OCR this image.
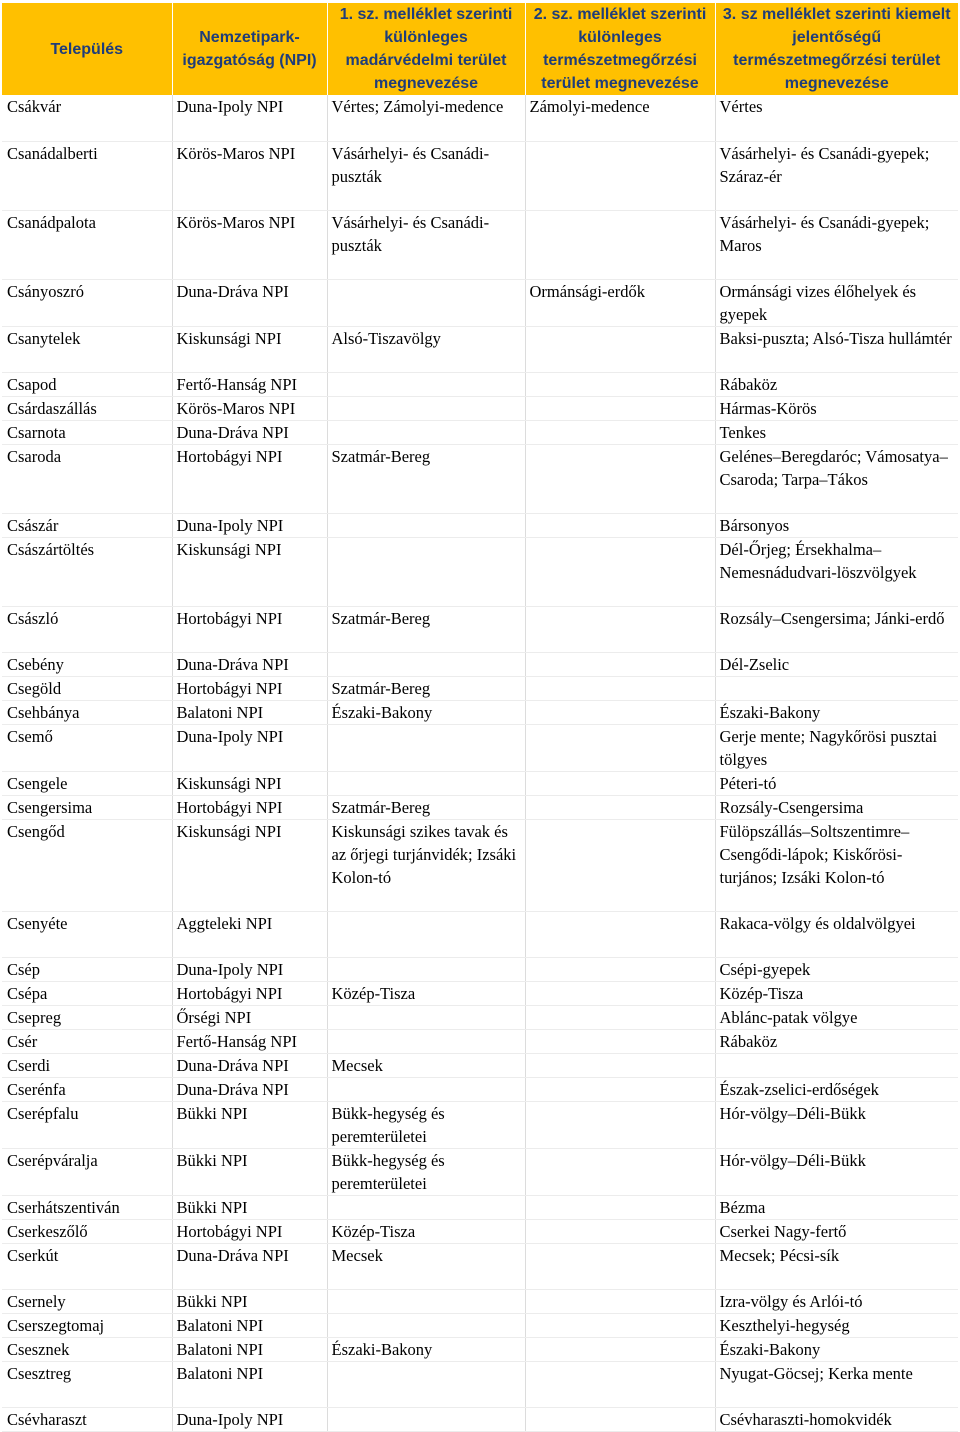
Település	Nemzetipark-igazgatóság (NPI)	1. sz. melléklet szerinti különleges madárvédelmi terület megnevezése	2. sz. melléklet szerinti különleges természetmegőrzési terület megnevezése	3. sz melléklet szerinti kiemelt jelentőségű természetmegőrzési terület megnevezése
Csákvár	Duna-Ipoly NPI	Vértes; Zámolyi-medence	Zámolyi-medence	Vértes
Csanádalberti	Körös-Maros NPI	Vásárhelyi- és Csanádi-puszták		Vásárhelyi- és Csanádi-gyepek; Száraz-ér
Csanádpalota	Körös-Maros NPI	Vásárhelyi- és Csanádi-puszták		Vásárhelyi- és Csanádi-gyepek; Maros
Csányoszró	Duna-Dráva NPI		Ormánsági-erdők	Ormánsági vizes élőhelyek és gyepek
Csanytelek	Kiskunsági NPI	Alsó-Tiszavölgy		Baksi-puszta; Alsó-Tisza hullámtér
Csapod	Fertő-Hanság NPI			Rábaköz
Csárdaszállás	Körös-Maros NPI			Hármas-Körös
Csarnota	Duna-Dráva NPI			Tenkes
Csaroda	Hortobágyi NPI	Szatmár-Bereg		Gelénes–Beregdaróc; Vámosatya–Csaroda; Tarpa–Tákos
Császár	Duna-Ipoly NPI			Bársonyos
Császártöltés	Kiskunsági NPI			Dél-Őrjeg; Érsekhalma–Nemesnádudvari-löszvölgyek
Császló	Hortobágyi NPI	Szatmár-Bereg		Rozsály–Csengersima; Jánki-erdő
Csebény	Duna-Dráva NPI			Dél-Zselic
Csegöld	Hortobágyi NPI	Szatmár-Bereg		
Csehbánya	Balatoni NPI	Északi-Bakony		Északi-Bakony
Csemő	Duna-Ipoly NPI			Gerje mente; Nagykőrösi pusztai tölgyes
Csengele	Kiskunsági NPI			Péteri-tó
Csengersima	Hortobágyi NPI	Szatmár-Bereg		Rozsály-Csengersima
Csengőd	Kiskunsági NPI	Kiskunsági szikes tavak és az őrjegi turjánvidék; Izsáki Kolon-tó		Fülöpszállás–Soltszentimre–Csengődi-lápok; Kiskőrösi-turjános; Izsáki Kolon-tó
Csenyéte	Aggteleki NPI			Rakaca-völgy és oldalvölgyei
Csép	Duna-Ipoly NPI			Csépi-gyepek
Csépa	Hortobágyi NPI	Közép-Tisza		Közép-Tisza
Csepreg	Őrségi NPI			Ablánc-patak völgye
Csér	Fertő-Hanság NPI			Rábaköz
Cserdi	Duna-Dráva NPI	Mecsek		
Cserénfa	Duna-Dráva NPI			Észak-zselici-erdőségek
Cserépfalu	Bükki NPI	Bükk-hegység és peremterületei		Hór-völgy–Déli-Bükk
Cserépváralja	Bükki NPI	Bükk-hegység és peremterületei		Hór-völgy–Déli-Bükk
Cserhátszentiván	Bükki NPI			Bézma
Cserkeszőlő	Hortobágyi NPI	Közép-Tisza		Cserkei Nagy-fertő
Cserkút	Duna-Dráva NPI	Mecsek		Mecsek; Pécsi-sík
Csernely	Bükki NPI			Izra-völgy és Arlói-tó
Cserszegtomaj	Balatoni NPI			Keszthelyi-hegység
Csesznek	Balatoni NPI	Északi-Bakony		Északi-Bakony
Csesztreg	Balatoni NPI			Nyugat-Göcsej; Kerka mente
Csévharaszt	Duna-Ipoly NPI			Csévharaszti-homokvidék
